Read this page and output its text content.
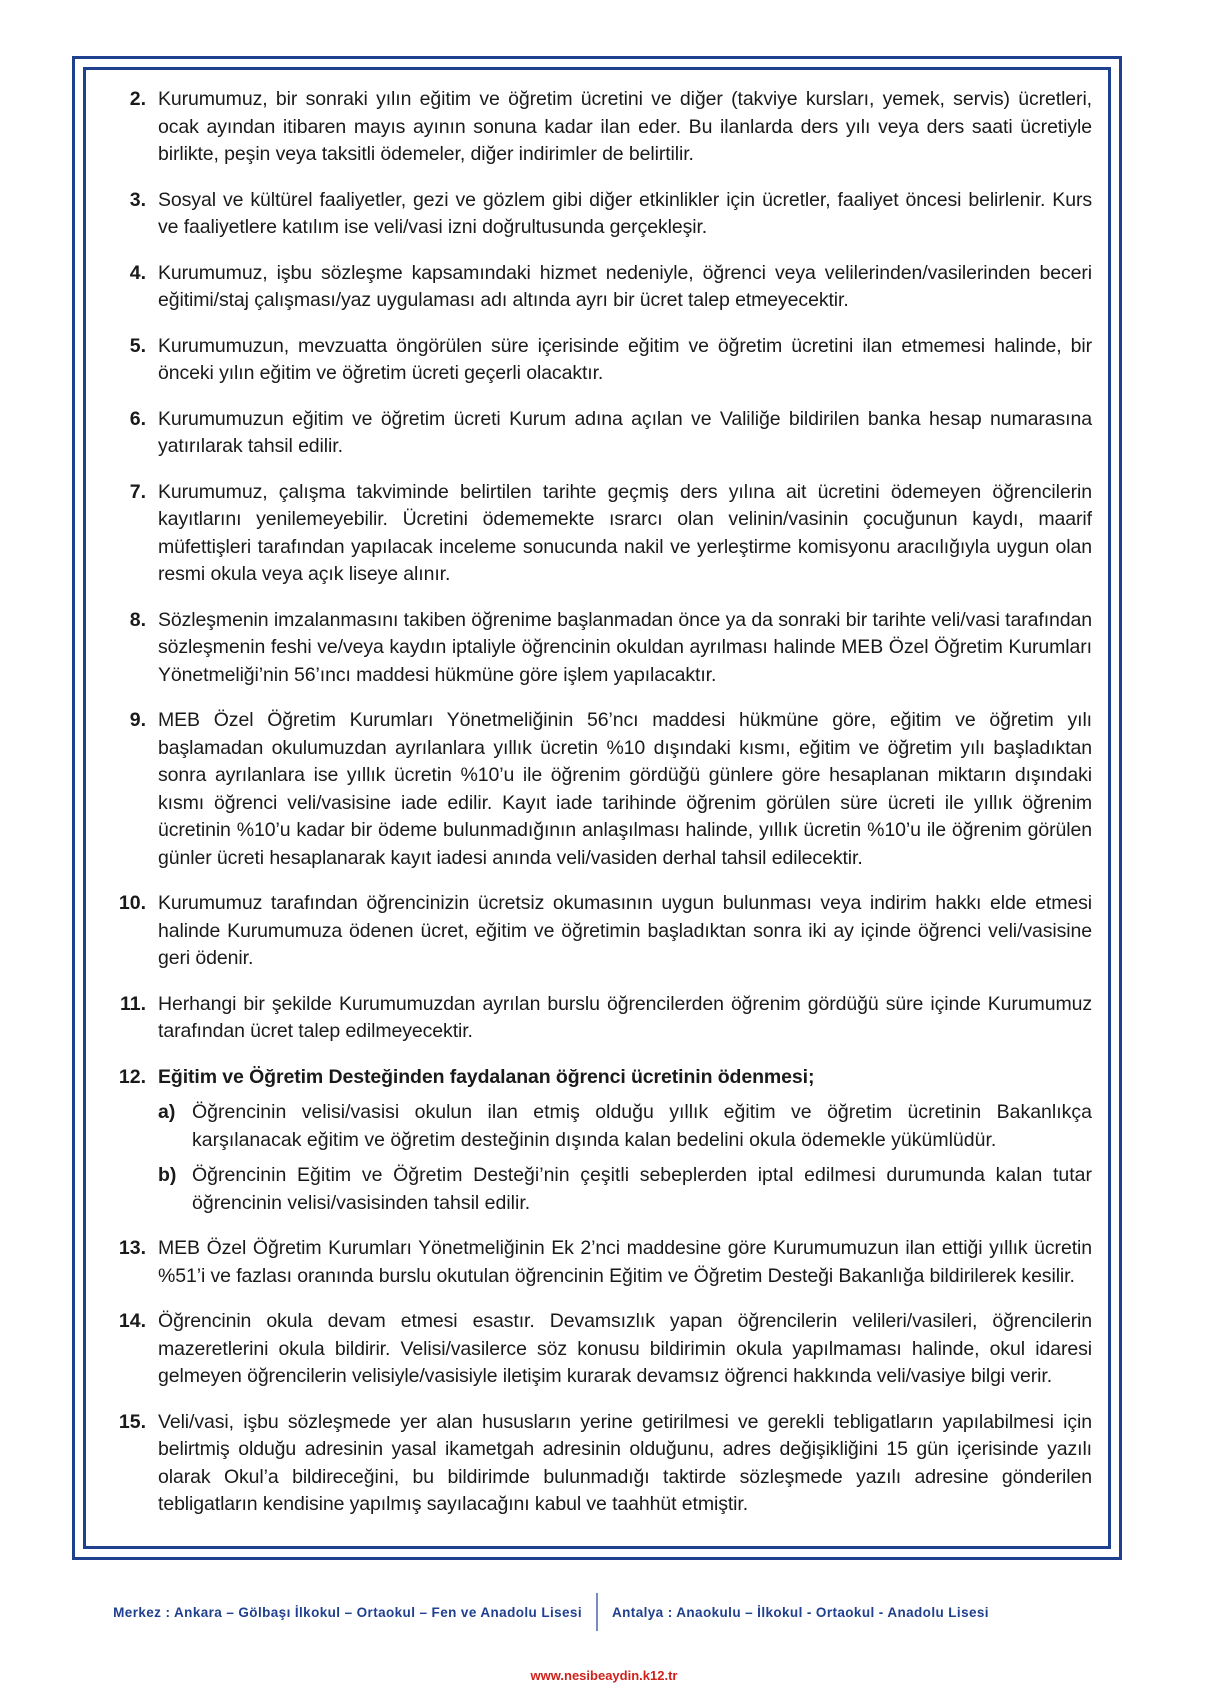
2. Kurumumuz, bir sonraki yılın eğitim ve öğretim ücretini ve diğer (takviye kursları, yemek, servis) ücretleri, ocak ayından itibaren mayıs ayının sonuna kadar ilan eder. Bu ilanlarda ders yılı veya ders saati ücretiyle birlikte, peşin veya taksitli ödemeler, diğer indirimler de belirtilir.
3. Sosyal ve kültürel faaliyetler, gezi ve gözlem gibi diğer etkinlikler için ücretler, faaliyet öncesi belirlenir. Kurs ve faaliyetlere katılım ise veli/vasi izni doğrultusunda gerçekleşir.
4. Kurumumuz, işbu sözleşme kapsamındaki hizmet nedeniyle, öğrenci veya velilerinden/vasilerinden beceri eğitimi/staj çalışması/yaz uygulaması adı altında ayrı bir ücret talep etmeyecektir.
5. Kurumumuzun, mevzuatta öngörülen süre içerisinde eğitim ve öğretim ücretini ilan etmemesi halinde, bir önceki yılın eğitim ve öğretim ücreti geçerli olacaktır.
6. Kurumumuzun eğitim ve öğretim ücreti Kurum adına açılan ve Valiliğe bildirilen banka hesap numarasına yatırılarak tahsil edilir.
7. Kurumumuz, çalışma takviminde belirtilen tarihte geçmiş ders yılına ait ücretini ödemeyen öğrencilerin kayıtlarını yenilemeyebilir. Ücretini ödememekte ısrarcı olan velinin/vasinin çocuğunun kaydı, maarif müfettişleri tarafından yapılacak inceleme sonucunda nakil ve yerleştirme komisyonu aracılığıyla uygun olan resmi okula veya açık liseye alınır.
8. Sözleşmenin imzalanmasını takiben öğrenime başlanmadan önce ya da sonraki bir tarihte veli/vasi tarafından sözleşmenin feshi ve/veya kaydın iptaliyle öğrencinin okuldan ayrılması halinde MEB Özel Öğretim Kurumları Yönetmeliği’nin 56’ıncı maddesi hükmüne göre işlem yapılacaktır.
9. MEB Özel Öğretim Kurumları Yönetmeliğinin 56’ncı maddesi hükmüne göre, eğitim ve öğretim yılı başlamadan okulumuzdan ayrılanlara yıllık ücretin %10 dışındaki kısmı, eğitim ve öğretim yılı başladıktan sonra ayrılanlara ise yıllık ücretin %10’u ile öğrenim gördüğü günlere göre hesaplanan miktarın dışındaki kısmı öğrenci veli/vasisine iade edilir. Kayıt iade tarihinde öğrenim görülen süre ücreti ile yıllık öğrenim ücretinin %10’u kadar bir ödeme bulunmadığının anlaşılması halinde, yıllık ücretin %10’u ile öğrenim görülen günler ücreti hesaplanarak kayıt iadesi anında veli/vasiden derhal tahsil edilecektir.
10. Kurumumuz tarafından öğrencinizin ücretsiz okumasının uygun bulunması veya indirim hakkı elde etmesi halinde Kurumumuza ödenen ücret, eğitim ve öğretimin başladıktan sonra iki ay içinde öğrenci veli/vasisine geri ödenir.
11. Herhangi bir şekilde Kurumumuzdan ayrılan burslu öğrencilerden öğrenim gördüğü süre içinde Kurumumuz tarafından ücret talep edilmeyecektir.
12. Eğitim ve Öğretim Desteğinden faydalanan öğrenci ücretinin ödenmesi;
a) Öğrencinin velisi/vasisi okulun ilan etmiş olduğu yıllık eğitim ve öğretim ücretinin Bakanlıkça karşılanacak eğitim ve öğretim desteğinin dışında kalan bedelini okula ödemekle yükümlüdür.
b) Öğrencinin Eğitim ve Öğretim Desteği’nin çeşitli sebeplerden iptal edilmesi durumunda kalan tutar öğrencinin velisi/vasisinden tahsil edilir.
13. MEB Özel Öğretim Kurumları Yönetmeliğinin Ek 2’nci maddesine göre Kurumumuzun ilan ettiği yıllık ücretin %51’i ve fazlası oranında burslu okutulan öğrencinin Eğitim ve Öğretim Desteği Bakanlığa bildirilerek kesilir.
14. Öğrencinin okula devam etmesi esastır. Devamsızlık yapan öğrencilerin velileri/vasileri, öğrencilerin mazeretlerini okula bildirir. Velisi/vasilerce söz konusu bildirimin okula yapılmaması halinde, okul idaresi gelmeyen öğrencilerin velisiyle/vasisiyle iletişim kurarak devamsız öğrenci hakkında veli/vasiye bilgi verir.
15. Veli/vasi, işbu sözleşmede yer alan hususların yerine getirilmesi ve gerekli tebligatların yapılabilmesi için belirtmiş olduğu adresinin yasal ikametgah adresinin olduğunu, adres değişikliğini 15 gün içerisinde yazılı olarak Okul’a bildireceğini, bu bildirimde bulunmadığı taktirde sözleşmede yazılı adresine gönderilen tebligatların kendisine yapılmış sayılacağını kabul ve taahhüt etmiştir.
Merkez : Ankara – Gölbaşı İlkokul – Ortaokul – Fen ve Anadolu Lisesi	Antalya : Anaokulu – İlkokul - Ortaokul - Anadolu Lisesi
www.nesibeaydin.k12.tr
